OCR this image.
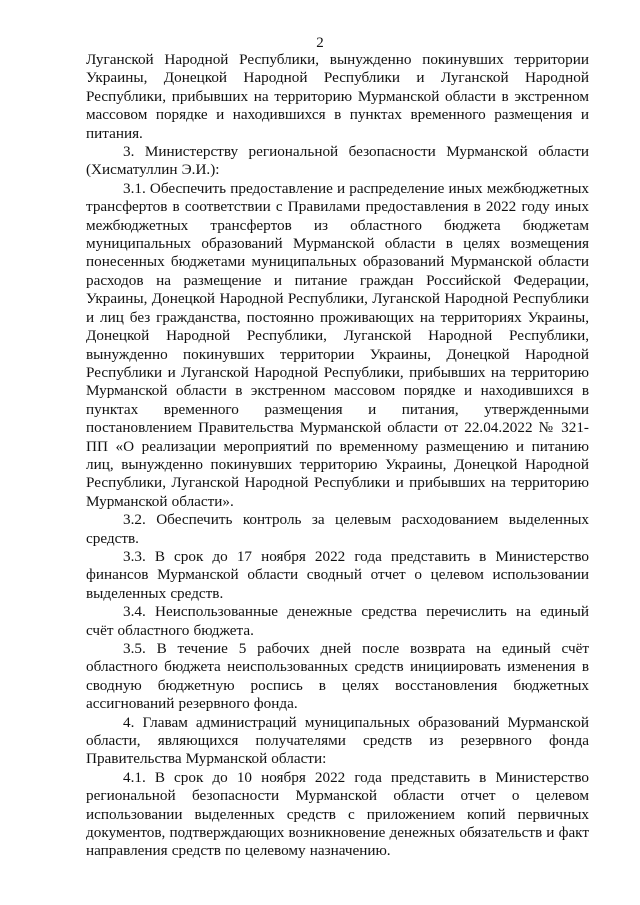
2

Луганской Народной Республики, вынужденно покинувших территории Украины, Донецкой Народной Республики и Луганской Народной Республики, прибывших на территорию Мурманской области в экстренном массовом порядке и находившихся в пунктах временного размещения и питания.

3. Министерству региональной безопасности Мурманской области (Хисматуллин Э.И.):

3.1. Обеспечить предоставление и распределение иных межбюджетных трансфертов в соответствии с Правилами предоставления в 2022 году иных межбюджетных трансфертов из областного бюджета бюджетам муниципальных образований Мурманской области в целях возмещения понесенных бюджетами муниципальных образований Мурманской области расходов на размещение и питание граждан Российской Федерации, Украины, Донецкой Народной Республики, Луганской Народной Республики и лиц без гражданства, постоянно проживающих на территориях Украины, Донецкой Народной Республики, Луганской Народной Республики, вынужденно покинувших территории Украины, Донецкой Народной Республики и Луганской Народной Республики, прибывших на территорию Мурманской области в экстренном массовом порядке и находившихся в пунктах временного размещения и питания, утвержденными постановлением Правительства Мурманской области от 22.04.2022 № 321-ПП «О реализации мероприятий по временному размещению и питанию лиц, вынужденно покинувших территорию Украины, Донецкой Народной Республики, Луганской Народной Республики и прибывших на территорию Мурманской области».

3.2. Обеспечить контроль за целевым расходованием выделенных средств.

3.3. В срок до 17 ноября 2022 года представить в Министерство финансов Мурманской области сводный отчет о целевом использовании выделенных средств.

3.4. Неиспользованные денежные средства перечислить на единый счёт областного бюджета.

3.5. В течение 5 рабочих дней после возврата на единый счёт областного бюджета неиспользованных средств инициировать изменения в сводную бюджетную роспись в целях восстановления бюджетных ассигнований резервного фонда.

4. Главам администраций муниципальных образований Мурманской области, являющихся получателями средств из резервного фонда Правительства Мурманской области:

4.1. В срок до 10 ноября 2022 года представить в Министерство региональной безопасности Мурманской области отчет о целевом использовании выделенных средств с приложением копий первичных документов, подтверждающих возникновение денежных обязательств и факт направления средств по целевому назначению.
